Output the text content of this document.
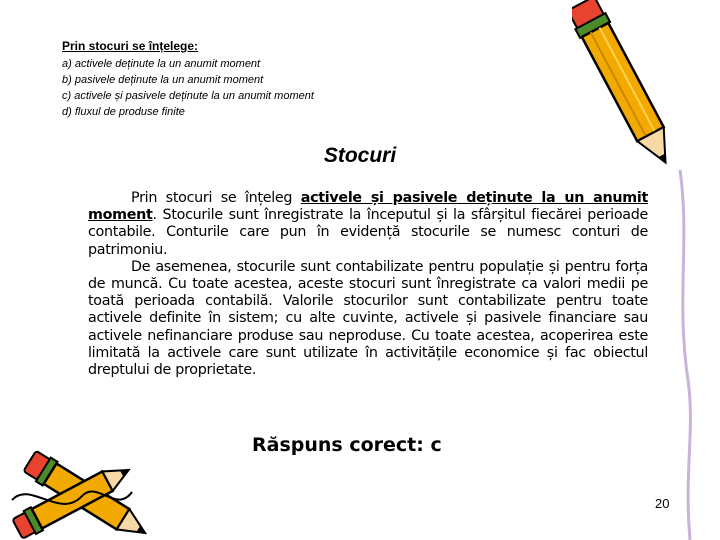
Prin stocuri se înțelege:
a) activele deținute la un anumit moment
b) pasivele deținute la un anumit moment
c) activele și pasivele deținute la un anumit moment
d) fluxul de produse finite
Stocuri

Prin stocuri se înțeleg activele și pasivele deținute la un anumit moment. Stocurile sunt înregistrate la începutul și la sfârșitul fiecărei perioade contabile. Conturile care pun în evidență stocurile se numesc conturi de patrimoniu.

De asemenea, stocurile sunt contabilizate pentru populație și pentru forța de muncă. Cu toate acestea, aceste stocuri sunt înregistrate ca valori medii pe toată perioada contabilă. Valorile stocurilor sunt contabilizate pentru toate activele definite în sistem; cu alte cuvinte, activele și pasivele financiare sau activele nefinanciare produse sau neproduse. Cu toate acestea, acoperirea este limitată la activele care sunt utilizate în activitățile economice și fac obiectul dreptului de proprietate.

Răspuns corect: c
20
